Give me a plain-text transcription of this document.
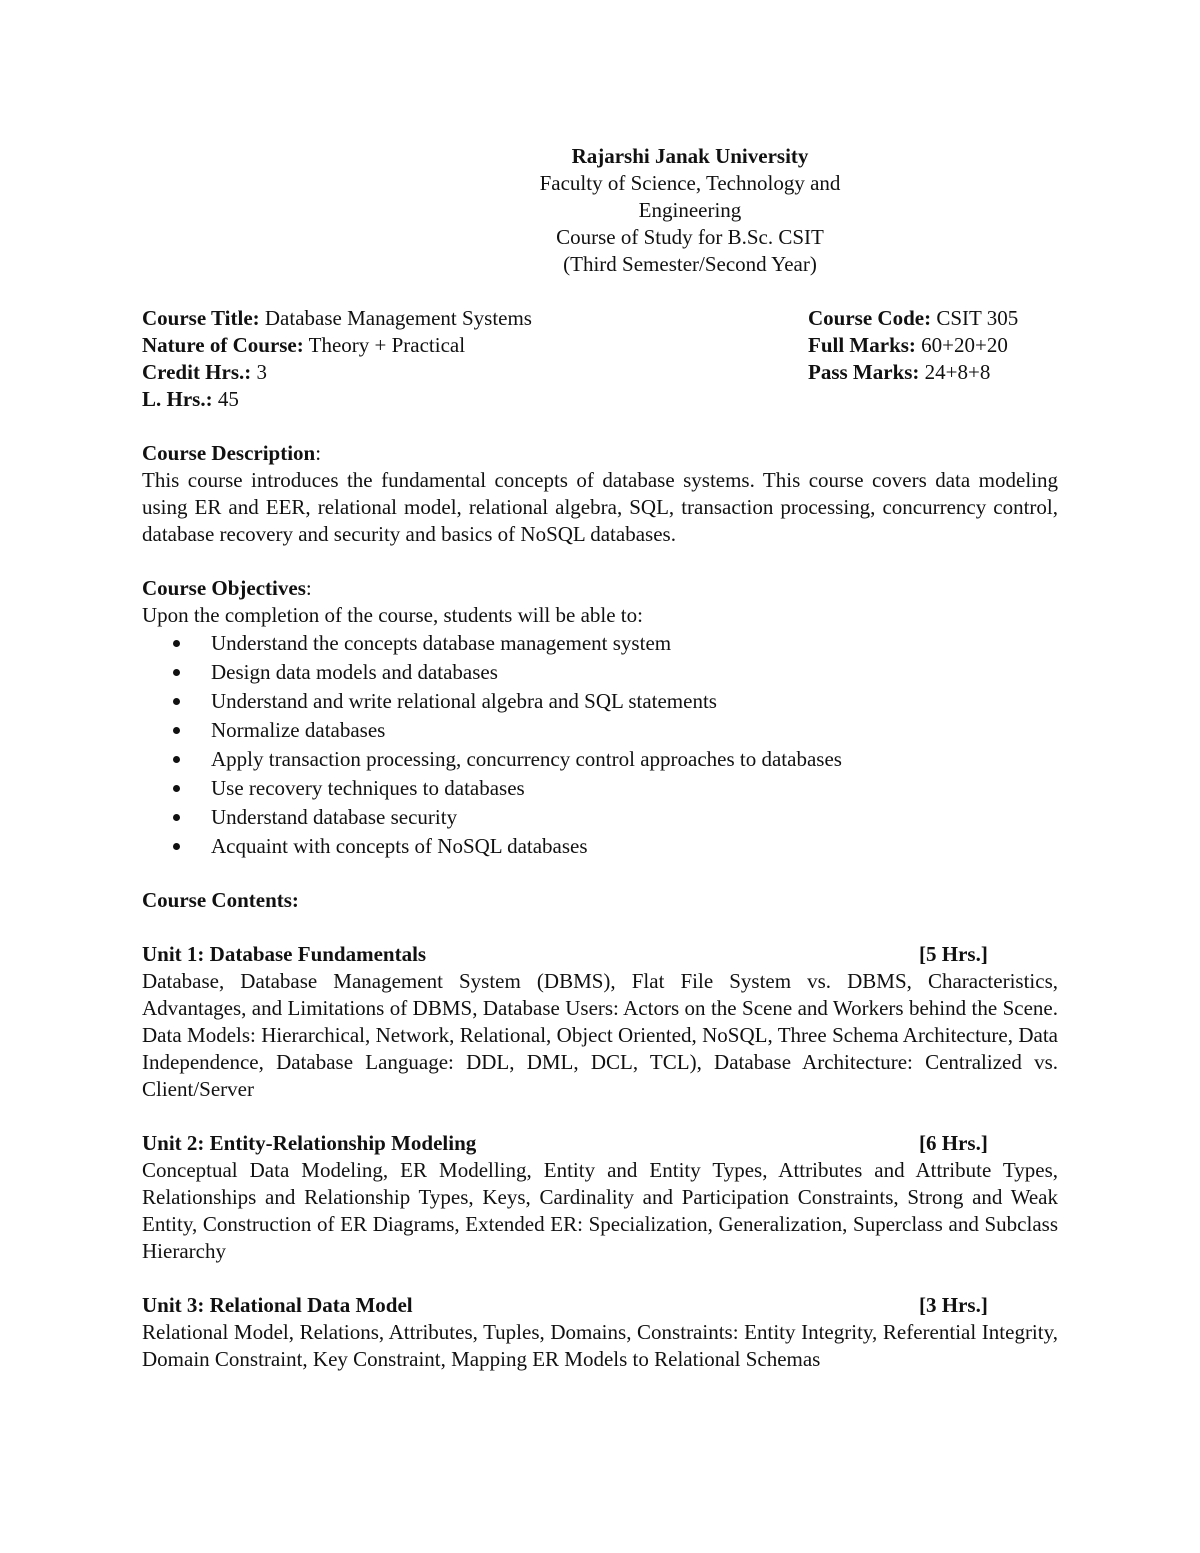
Rajarshi Janak University
Faculty of Science, Technology and
Engineering
Course of Study for B.Sc. CSIT
(Third Semester/Second Year)
Course Title: Database Management Systems	Course Code: CSIT 305
Nature of Course: Theory + Practical	Full Marks: 60+20+20
Credit Hrs.: 3	Pass Marks: 24+8+8
L. Hrs.: 45
Course Description:
This course introduces the fundamental concepts of database systems. This course covers data modeling using ER and EER, relational model, relational algebra, SQL, transaction processing, concurrency control, database recovery and security and basics of NoSQL databases.
Course Objectives:
Upon the completion of the course, students will be able to:
Understand the concepts database management system
Design data models and databases
Understand and write relational algebra and SQL statements
Normalize databases
Apply transaction processing, concurrency control approaches to databases
Use recovery techniques to databases
Understand database security
Acquaint with concepts of NoSQL databases
Course Contents:
Unit 1: Database Fundamentals	[5 Hrs.]
Database, Database Management System (DBMS), Flat File System vs. DBMS, Characteristics, Advantages, and Limitations of DBMS, Database Users: Actors on the Scene and Workers behind the Scene. Data Models: Hierarchical, Network, Relational, Object Oriented, NoSQL, Three Schema Architecture, Data Independence, Database Language: DDL, DML, DCL, TCL), Database Architecture: Centralized vs. Client/Server
Unit 2: Entity-Relationship Modeling	[6 Hrs.]
Conceptual Data Modeling, ER Modelling, Entity and Entity Types, Attributes and Attribute Types, Relationships and Relationship Types, Keys, Cardinality and Participation Constraints, Strong and Weak Entity, Construction of ER Diagrams, Extended ER: Specialization, Generalization, Superclass and Subclass Hierarchy
Unit 3: Relational Data Model	[3 Hrs.]
Relational Model, Relations, Attributes, Tuples, Domains, Constraints: Entity Integrity, Referential Integrity, Domain Constraint, Key Constraint, Mapping ER Models to Relational Schemas
